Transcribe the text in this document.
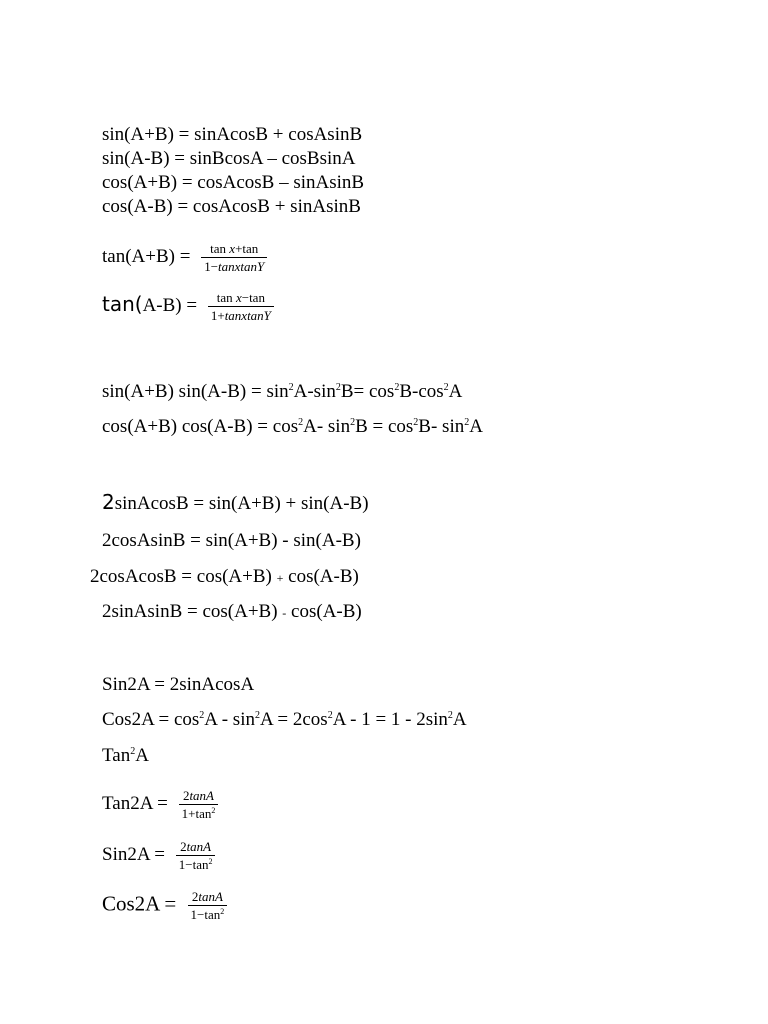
sin(A+B) = sinAcosB + cosAsinB
sin(A-B) = sinBcosA – cosBsinA
cos(A+B) = cosAcosB – sinAsinB
cos(A-B) = cosAcosB + sinAsinB
$\tan(A+B) = \frac{\text{tan x+tan}}{\text{1−tanxtanY}}$
$\tan(A-B) = \frac{\text{tan x−tan}}{\text{1+tanxtanY}}$
sin(A+B) $\sin(A-B) = \sin^2A-\sin^2B= \cos^2B-\cos^2A$
cos(A+B) $\cos(A-B) = \cos^2A-$ $\sin^2B = \cos^2B-$ $\sin^2A$
2sinAcosB = sin(A+B) + sin(A-B)
2cosAsinB = sin(A+B) - sin(A-B)
2cosAcosB = cos(A+B) + cos(A-B)
2sinAsinB = cos(A+B) - cos(A-B)
Sin2A = 2sinAcosA
$Cos2A = \cos^2A - \sin^2A = 2\cos^2A - 1 = 1 - 2\sin^2A$
Tan$^2$A
$Tan2A = \frac{2\tan A}{1+\tan^2}$
$Sin2A = \frac{2\tan A}{1-\tan^2}$
$Cos2A = \frac{2\tan A}{1-\tan^2}$
